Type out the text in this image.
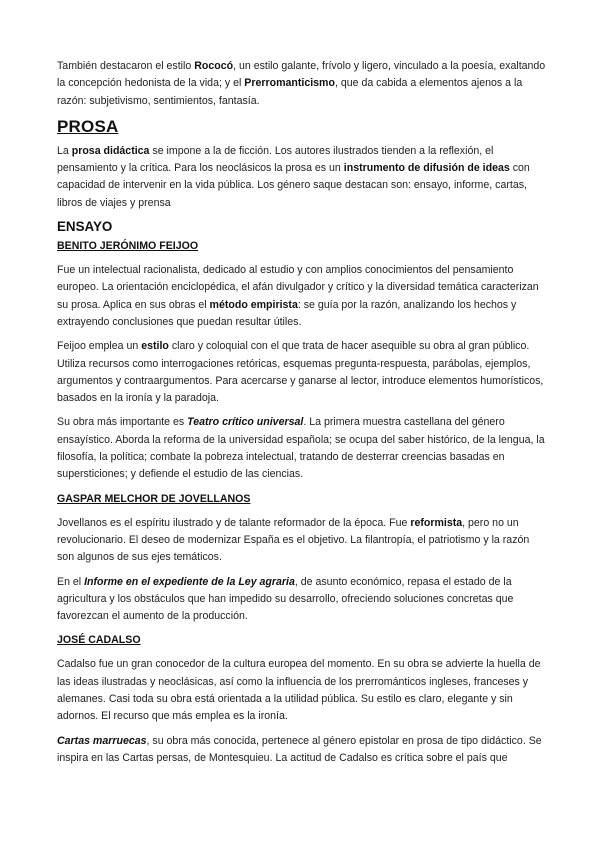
También destacaron el estilo Rococó, un estilo galante, frívolo y ligero, vinculado a la poesía, exaltando la concepción hedonista de la vida; y el Prerromanticismo, que da cabida a elementos ajenos a la razón: subjetivismo, sentimientos, fantasía.

PROSA

La prosa didáctica se impone a la de ficción. Los autores ilustrados tienden a la reflexión, el pensamiento y la crítica. Para los neoclásicos la prosa es un instrumento de difusión de ideas con capacidad de intervenir en la vida pública. Los género saque destacan son: ensayo, informe, cartas, libros de viajes y prensa

ENSAYO
BENITO JERÓNIMO FEIJOO

Fue un intelectual racionalista, dedicado al estudio y con amplios conocimientos del pensamiento europeo. La orientación enciclopédica, el afán divulgador y crítico y la diversidad temática caracterizan su prosa. Aplica en sus obras el método empirista: se guía por la razón, analizando los hechos y extrayendo conclusiones que puedan resultar útiles.

Feijoo emplea un estilo claro y coloquial con el que trata de hacer asequible su obra al gran público. Utiliza recursos como interrogaciones retóricas, esquemas pregunta-respuesta, parábolas, ejemplos, argumentos y contraargumentos. Para acercarse y ganarse al lector, introduce elementos humorísticos, basados en la ironía y la paradoja.

Su obra más importante es Teatro crítico universal. La primera muestra castellana del género ensayístico. Aborda la reforma de la universidad española; se ocupa del saber histórico, de la lengua, la filosofía, la política; combate la pobreza intelectual, tratando de desterrar creencias basadas en supersticiones; y defiende el estudio de las ciencias.

GASPAR MELCHOR DE JOVELLANOS

Jovellanos es el espíritu ilustrado y de talante reformador de la época. Fue reformista, pero no un revolucionario. El deseo de modernizar España es el objetivo. La filantropía, el patriotismo y la razón son algunos de sus ejes temáticos.

En el Informe en el expediente de la Ley agraria, de asunto económico, repasa el estado de la agricultura y los obstáculos que han impedido su desarrollo, ofreciendo soluciones concretas que favorezcan el aumento de la producción.

JOSÉ CADALSO

Cadalso fue un gran conocedor de la cultura europea del momento. En su obra se advierte la huella de las ideas ilustradas y neoclásicas, así como la influencia de los prerrománticos ingleses, franceses y alemanes. Casi toda su obra está orientada a la utilidad pública. Su estilo es claro, elegante y sin adornos. El recurso que más emplea es la ironía.

Cartas marruecas, su obra más conocida, pertenece al género epistolar en prosa de tipo didáctico. Se inspira en las Cartas persas, de Montesquieu. La actitud de Cadalso es crítica sobre el país que
